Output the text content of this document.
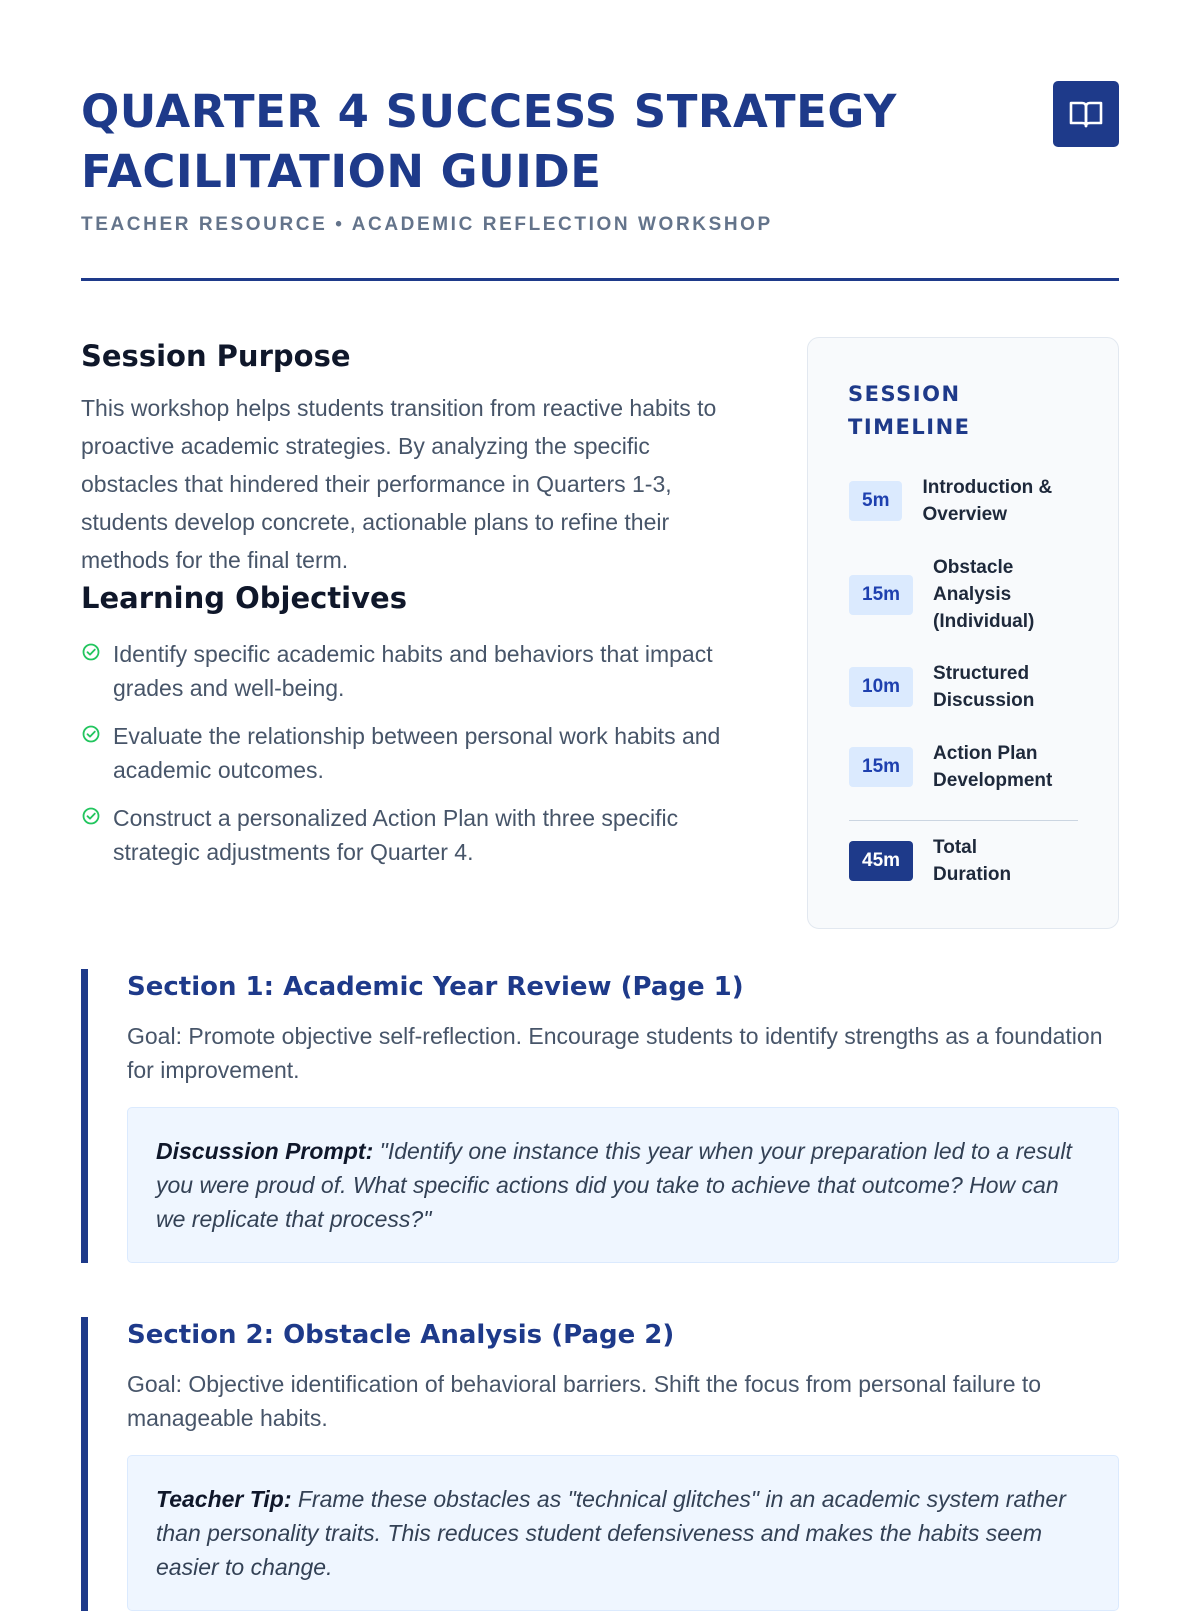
QUARTER 4 SUCCESS STRATEGY FACILITATION GUIDE
TEACHER RESOURCE • ACADEMIC REFLECTION WORKSHOP
Session Purpose
This workshop helps students transition from reactive habits to proactive academic strategies. By analyzing the specific obstacles that hindered their performance in Quarters 1-3, students develop concrete, actionable plans to refine their methods for the final term.
Learning Objectives
Identify specific academic habits and behaviors that impact grades and well-being.
Evaluate the relationship between personal work habits and academic outcomes.
Construct a personalized Action Plan with three specific strategic adjustments for Quarter 4.
SESSION TIMELINE
5m
Introduction & Overview
15m
Obstacle Analysis (Individual)
10m
Structured Discussion
15m
Action Plan Development
45m
Total Duration
Section 1: Academic Year Review (Page 1)
Goal: Promote objective self-reflection. Encourage students to identify strengths as a foundation for improvement.
Discussion Prompt: "Identify one instance this year when your preparation led to a result you were proud of. What specific actions did you take to achieve that outcome? How can we replicate that process?"
Section 2: Obstacle Analysis (Page 2)
Goal: Objective identification of behavioral barriers. Shift the focus from personal failure to manageable habits.
Teacher Tip: Frame these obstacles as "technical glitches" in an academic system rather than personality traits. This reduces student defensiveness and makes the habits seem easier to change.
